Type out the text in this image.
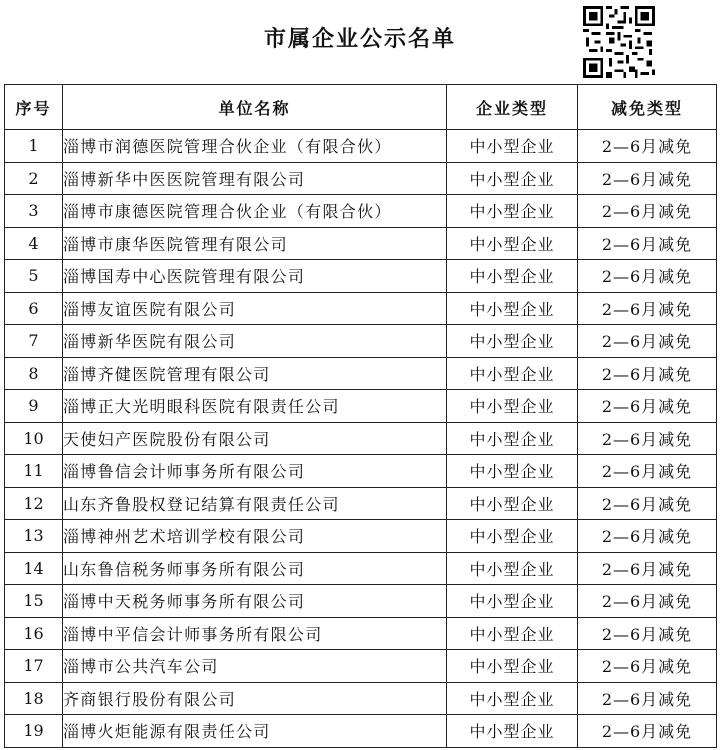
市属企业公示名单
序号	单位名称	企业类型	减免类型
1	淄博市润德医院管理合伙企业（有限合伙）	中小型企业	2—6月减免
2	淄博新华中医医院管理有限公司	中小型企业	2—6月减免
3	淄博市康德医院管理合伙企业（有限合伙）	中小型企业	2—6月减免
4	淄博市康华医院管理有限公司	中小型企业	2—6月减免
5	淄博国寿中心医院管理有限公司	中小型企业	2—6月减免
6	淄博友谊医院有限公司	中小型企业	2—6月减免
7	淄博新华医院有限公司	中小型企业	2—6月减免
8	淄博齐健医院管理有限公司	中小型企业	2—6月减免
9	淄博正大光明眼科医院有限责任公司	中小型企业	2—6月减免
10	天使妇产医院股份有限公司	中小型企业	2—6月减免
11	淄博鲁信会计师事务所有限公司	中小型企业	2—6月减免
12	山东齐鲁股权登记结算有限责任公司	中小型企业	2—6月减免
13	淄博神州艺术培训学校有限公司	中小型企业	2—6月减免
14	山东鲁信税务师事务所有限公司	中小型企业	2—6月减免
15	淄博中天税务师事务所有限公司	中小型企业	2—6月减免
16	淄博中平信会计师事务所有限公司	中小型企业	2—6月减免
17	淄博市公共汽车公司	中小型企业	2—6月减免
18	齐商银行股份有限公司	中小型企业	2—6月减免
19	淄博火炬能源有限责任公司	中小型企业	2—6月减免
